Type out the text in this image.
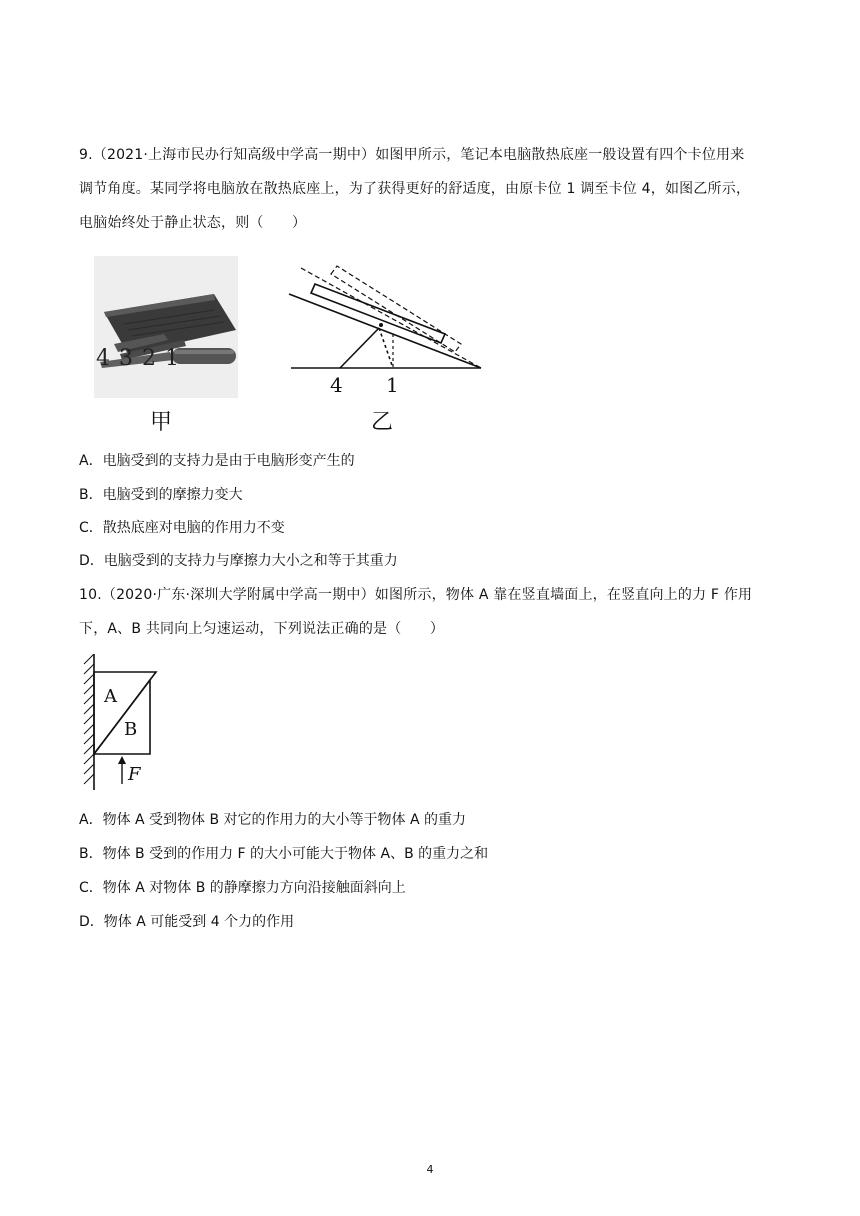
9.（2021·上海市民办行知高级中学高一期中）如图甲所示，笔记本电脑散热底座一般设置有四个卡位用来
调节角度。某同学将电脑放在散热底座上，为了获得更好的舒适度，由原卡位 1 调至卡位 4，如图乙所示，
电脑始终处于静止状态，则（　　）
4 3 2 1
甲
4 1
乙
A．电脑受到的支持力是由于电脑形变产生的
B．电脑受到的摩擦力变大
C．散热底座对电脑的作用力不变
D．电脑受到的支持力与摩擦力大小之和等于其重力
10.（2020·广东·深圳大学附属中学高一期中）如图所示，物体 A 靠在竖直墙面上，在竖直向上的力 F 作用
下，A、B 共同向上匀速运动，下列说法正确的是（　　）
A
B
F
A．物体 A 受到物体 B 对它的作用力的大小等于物体 A 的重力
B．物体 B 受到的作用力 F 的大小可能大于物体 A、B 的重力之和
C．物体 A 对物体 B 的静摩擦力方向沿接触面斜向上
D．物体 A 可能受到 4 个力的作用
4
